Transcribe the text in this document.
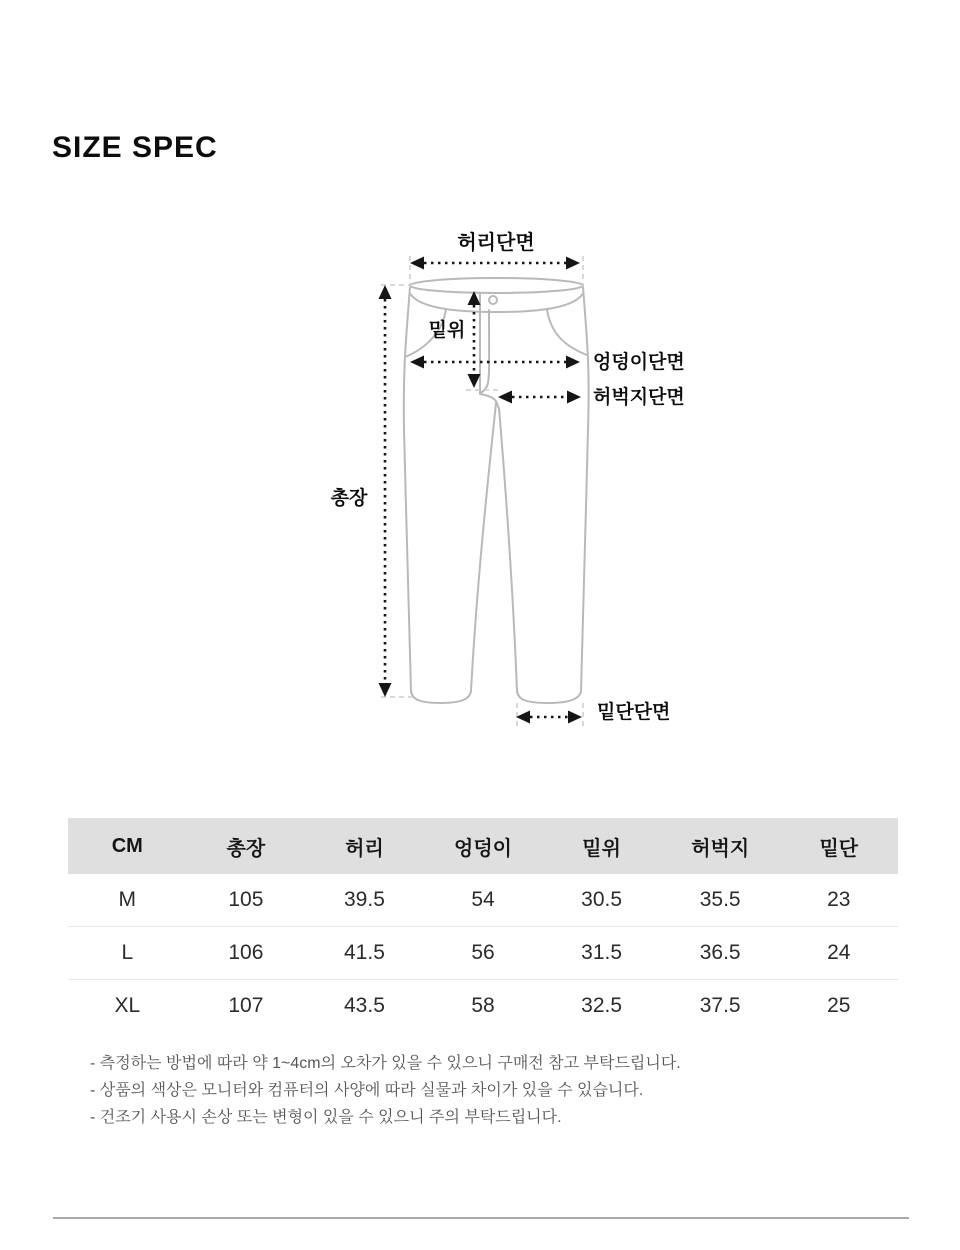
SIZE SPEC
허리단면
밑위
엉덩이단면
허벅지단면
총장
밑단단면
CM	총장	허리	엉덩이	밑위	허벅지	밑단
M	105	39.5	54	30.5	35.5	23
L	106	41.5	56	31.5	36.5	24
XL	107	43.5	58	32.5	37.5	25
- 측정하는 방법에 따라 약 1~4cm의 오차가 있을 수 있으니 구매전 참고 부탁드립니다.
- 상품의 색상은 모니터와 컴퓨터의 사양에 따라 실물과 차이가 있을 수 있습니다.
- 건조기 사용시 손상 또는 변형이 있을 수 있으니 주의 부탁드립니다.
